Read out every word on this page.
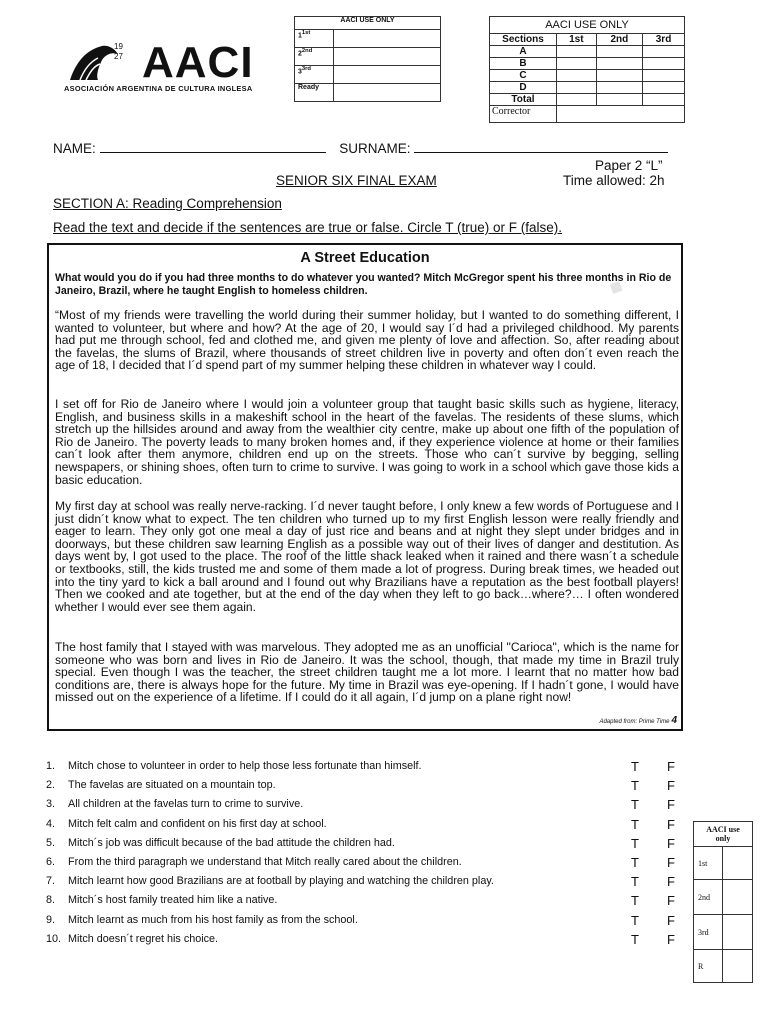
19
27 AACI
ASOCIACIÓN ARGENTINA DE CULTURA INGLESA
AACI USE ONLY	
$1^{1st}$	
$2^{2nd}$	
$3^{3rd}$	
Ready	
AACI USE ONLY			
Sections	1st	2nd	3rd
A			
B			
C			
D			
Total			
Corrector			
NAME:	SURNAME:
Paper 2 “L”
SENIOR SIX FINAL EXAM	Time allowed: 2h
SECTION A: Reading Comprehension
Read the text and decide if the sentences are true or false. Circle T (true) or F (false).
▪
A Street Education
What would you do if you had three months to do whatever you wanted? Mitch McGregor spent his three months in Rio de Janeiro, Brazil, where he taught English to homeless children.
“Most of my friends were travelling the world during their summer holiday, but I wanted to do something different, I wanted to volunteer, but where and how? At the age of 20, I would say I´d had a privileged childhood. My parents had put me through school, fed and clothed me, and given me plenty of love and affection. So, after reading about the favelas, the slums of Brazil, where thousands of street children live in poverty and often don´t even reach the age of 18, I decided that I´d spend part of my summer helping these children in whatever way I could.
I set off for Rio de Janeiro where I would join a volunteer group that taught basic skills such as hygiene, literacy, English, and business skills in a makeshift school in the heart of the favelas. The residents of these slums, which stretch up the hillsides around and away from the wealthier city centre, make up about one fifth of the population of Rio de Janeiro. The poverty leads to many broken homes and, if they experience violence at home or their families can´t look after them anymore, children end up on the streets. Those who can´t survive by begging, selling newspapers, or shining shoes, often turn to crime to survive. I was going to work in a school which gave those kids a basic education.
My first day at school was really nerve-racking. I´d never taught before, I only knew a few words of Portuguese and I just didn´t know what to expect. The ten children who turned up to my first English lesson were really friendly and eager to learn. They only got one meal a day of just rice and beans and at night they slept under bridges and in doorways, but these children saw learning English as a possible way out of their lives of danger and destitution. As days went by, I got used to the place. The roof of the little shack leaked when it rained and there wasn´t a schedule or textbooks, still, the kids trusted me and some of them made a lot of progress. During break times, we headed out into the tiny yard to kick a ball around and I found out why Brazilians have a reputation as the best football players! Then we cooked and ate together, but at the end of the day when they left to go back…where?… I often wondered whether I would ever see them again.
The host family that I stayed with was marvelous. They adopted me as an unofficial "Carioca", which is the name for someone who was born and lives in Rio de Janeiro. It was the school, though, that made my time in Brazil truly special. Even though I was the teacher, the street children taught me a lot more. I learnt that no matter how bad conditions are, there is always hope for the future. My time in Brazil was eye-opening. If I hadn´t gone, I would have missed out on the experience of a lifetime. If I could do it all again, I´d jump on a plane right now!
Adapted from: Prime Time 4
1. Mitch chose to volunteer in order to help those less fortunate than himself.	T F
2. The favelas are situated on a mountain top.	T F
3. All children at the favelas turn to crime to survive.	T F
4. Mitch felt calm and confident on his first day at school.	T F
5. Mitch´s job was difficult because of the bad attitude the children had.	T F
6. From the third paragraph we understand that Mitch really cared about the children.	T F
7. Mitch learnt how good Brazilians are at football by playing and watching the children play.	T F
8. Mitch´s host family treated him like a native.	T F
9. Mitch learnt as much from his host family as from the school.	T F
10. Mitch doesn´t regret his choice.	T F
AACI use only	
1st	
2nd	
3rd	
R	
